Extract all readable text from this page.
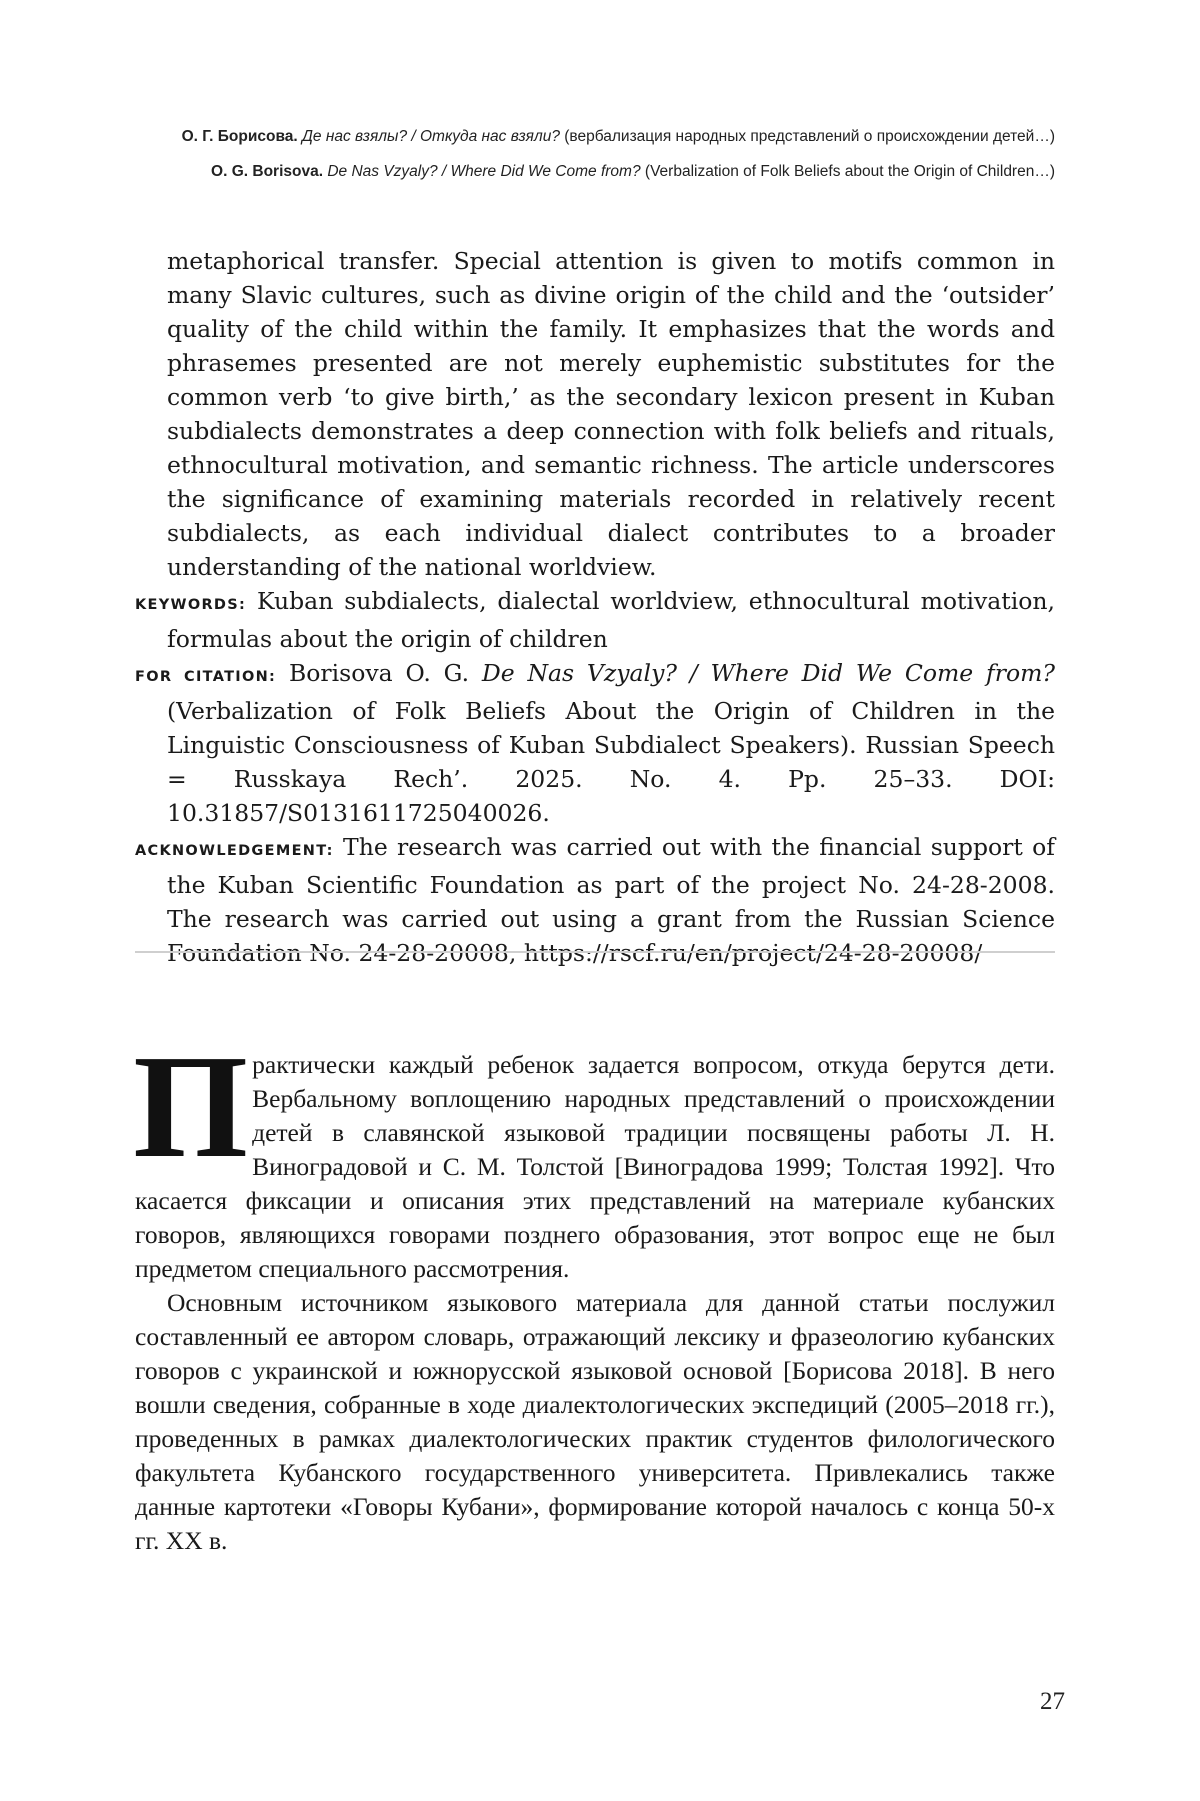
О. Г. Борисова. Де нас взялы? / Откуда нас взяли? (вербализация народных представлений о происхождении детей…)
O. G. Borisova. De Nas Vzyaly? / Where Did We Come from? (Verbalization of Folk Beliefs about the Origin of Children…)

metaphorical transfer. Special attention is given to motifs common in many Slavic cultures, such as divine origin of the child and the ‘outsider’ quality of the child within the family. It emphasizes that the words and phrasemes presented are not merely euphemistic substitutes for the common verb ‘to give birth,’ as the secondary lexicon present in Kuban subdialects demonstrates a deep connection with folk beliefs and rituals, ethnocultural motivation, and semantic richness. The article underscores the significance of examining materials recorded in relatively recent subdialects, as each individual dialect contributes to a broader understanding of the national worldview.

KEYWORDS: Kuban subdialects, dialectal worldview, ethnocultural motivation, formulas about the origin of children

FOR CITATION: Borisova O. G. De Nas Vzyaly? / Where Did We Come from? (Verbalization of Folk Beliefs About the Origin of Children in the Linguistic Consciousness of Kuban Subdialect Speakers). Russian Speech = Russkaya Rech’. 2025. No. 4. Pp. 25–33. DOI: 10.31857/S0131611725040026.

ACKNOWLEDGEMENT: The research was carried out with the financial support of the Kuban Scientific Foundation as part of the project No. 24-28-2008. The research was carried out using a grant from the Russian Science Foundation No. 24-28-20008, https://rscf.ru/en/project/24-28-20008/

Практически каждый ребенок задается вопросом, откуда берутся дети. Вербальному воплощению народных представлений о происхождении детей в славянской языковой традиции посвящены работы Л. Н. Виноградовой и С. М. Толстой [Виноградова 1999; Толстая 1992]. Что касается фиксации и описания этих представлений на материале кубанских говоров, являющихся говорами позднего образования, этот вопрос еще не был предметом специального рассмотрения.

Основным источником языкового материала для данной статьи послужил составленный ее автором словарь, отражающий лексику и фразеологию кубанских говоров с украинской и южнорусской языковой основой [Борисова 2018]. В него вошли сведения, собранные в ходе диалектологических экспедиций (2005–2018 гг.), проведенных в рамках диалектологических практик студентов филологического факультета Кубанского государственного университета. Привлекались также данные картотеки «Говоры Кубани», формирование которой началось с конца 50-х гг. XX в.

27
